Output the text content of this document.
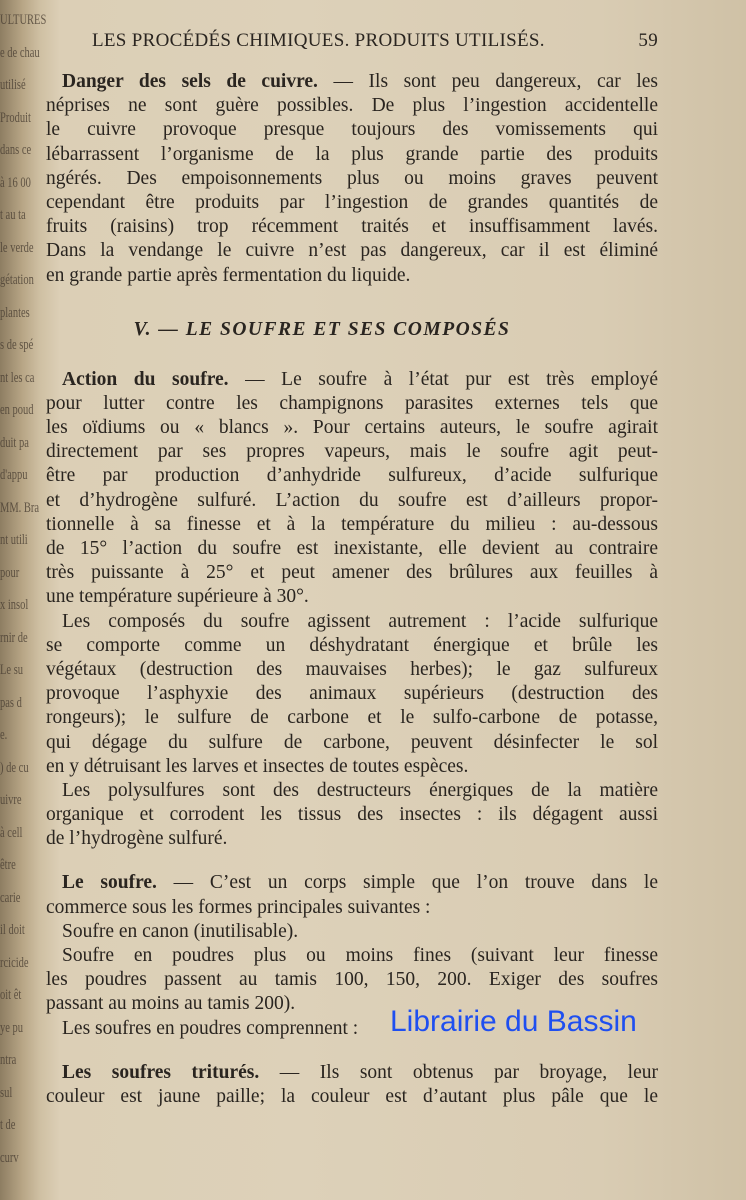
ULTURES
e de chau
utilisé
Produit
dans ce
à 16 00
t au ta
le verde
gétation
plantes
s de spé
nt les ca
en poud
duit pa
d'appu
MM. Bra
nt utili
pour
x insol
rnir de
Le su
pas d
e.
) de cu
uivre
à cell
être
carie
il doit
rcicide
oit êt
ye pu
ntra
sul
t de
curv
LES PROCÉDÉS CHIMIQUES. PRODUITS UTILISÉS.	59
Danger des sels de cuivre. — Ils sont peu dangereux, car les
néprises ne sont guère possibles. De plus l’ingestion accidentelle
le cuivre provoque presque toujours des vomissements qui
lébarrassent l’organisme de la plus grande partie des produits
ngérés. Des empoisonnements plus ou moins graves peuvent
cependant être produits par l’ingestion de grandes quantités de
fruits (raisins) trop récemment traités et insuffisamment lavés.
Dans la vendange le cuivre n’est pas dangereux, car il est éliminé
en grande partie après fermentation du liquide.
V. — LE SOUFRE ET SES COMPOSÉS
Action du soufre. — Le soufre à l’état pur est très employé
pour lutter contre les champignons parasites externes tels que
les oïdiums ou « blancs ». Pour certains auteurs, le soufre agirait
directement par ses propres vapeurs, mais le soufre agit peut-
être par production d’anhydride sulfureux, d’acide sulfurique
et d’hydrogène sulfuré. L’action du soufre est d’ailleurs propor-
tionnelle à sa finesse et à la température du milieu : au-dessous
de 15° l’action du soufre est inexistante, elle devient au contraire
très puissante à 25° et peut amener des brûlures aux feuilles à
une température supérieure à 30°.
Les composés du soufre agissent autrement : l’acide sulfurique
se comporte comme un déshydratant énergique et brûle les
végétaux (destruction des mauvaises herbes); le gaz sulfureux
provoque l’asphyxie des animaux supérieurs (destruction des
rongeurs); le sulfure de carbone et le sulfo-carbone de potasse,
qui dégage du sulfure de carbone, peuvent désinfecter le sol
en y détruisant les larves et insectes de toutes espèces.
Les polysulfures sont des destructeurs énergiques de la matière
organique et corrodent les tissus des insectes : ils dégagent aussi
de l’hydrogène sulfuré.
Le soufre. — C’est un corps simple que l’on trouve dans le
commerce sous les formes principales suivantes :
Soufre en canon (inutilisable).
Soufre en poudres plus ou moins fines (suivant leur finesse
les poudres passent au tamis 100, 150, 200. Exiger des soufres
passant au moins au tamis 200).
Les soufres en poudres comprennent :
Les soufres triturés. — Ils sont obtenus par broyage, leur
couleur est jaune paille; la couleur est d’autant plus pâle que le
Librairie du Bassin
